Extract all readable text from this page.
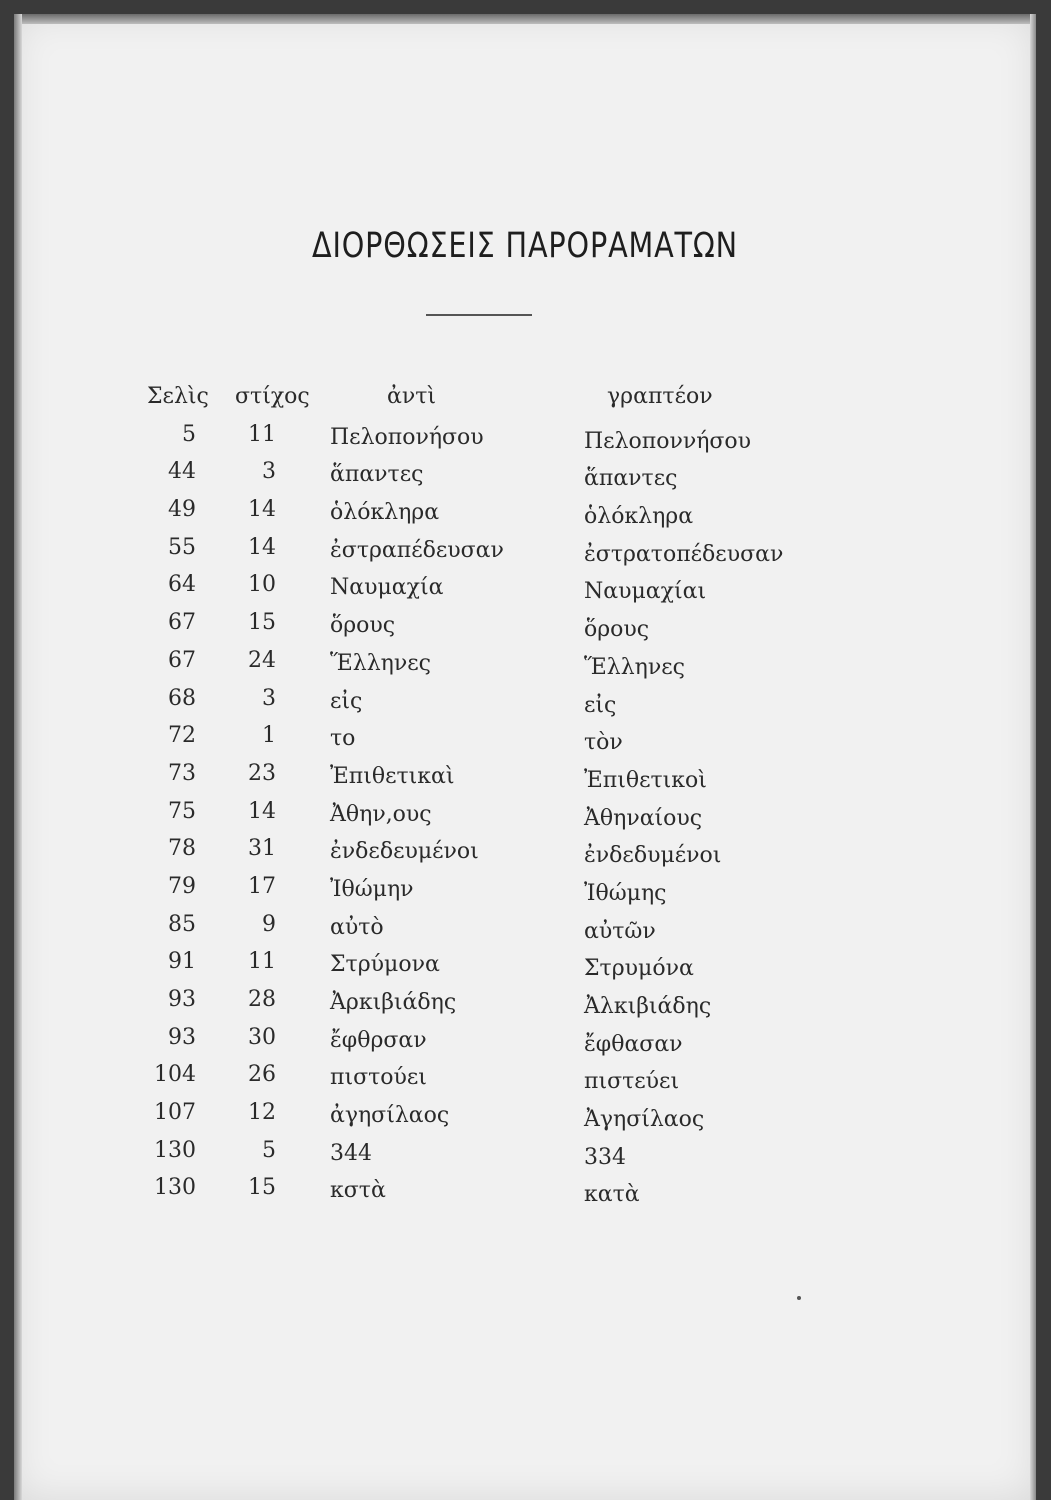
ΔΙΟΡΘΩΣΕΙΣ ΠΑΡΟΡΑΜΑΤΩΝ
Σελὶς στίχος	ἀντὶ	γραπτέον
5 11 Πελοπονήσου	Πελοποννήσου
44	3 ἅπαντες	ἅπαντες
49 14 ὁλόκληρα	ὁλόκληρα
55 14 ἐστραπέδευσαν	ἐστρατοπέδευσαν
64 10 Ναυμαχία	Ναυμαχίαι
67 15 ὅρους	ὅρους
67 24 Ἕλληνες	Ἕλληνες
68	3 εἰς	εἰς
72	1 το	τὸν
73 23 Ἐπιθετικαὶ	Ἐπιθετικοὶ
75 14 Ἀθην,ους	Ἀθηναίους
78 31 ἐνδεδευμένοι	ἐνδεδυμένοι
79 17 Ἰθώμην	Ἰθώμης
85	9 αὐτὸ	αὐτῶν
91 11 Στρύμονα	Στρυμόνα
93 28 Ἀρκιβιάδης	Ἀλκιβιάδης
93 30 ἔφθρσαν	ἔφθασαν
104 26 πιστούει	πιστεύει
107 12 ἀγησίλαος	Ἀγησίλαος
130	5 344	334
130 15 κστὰ	κατὰ
